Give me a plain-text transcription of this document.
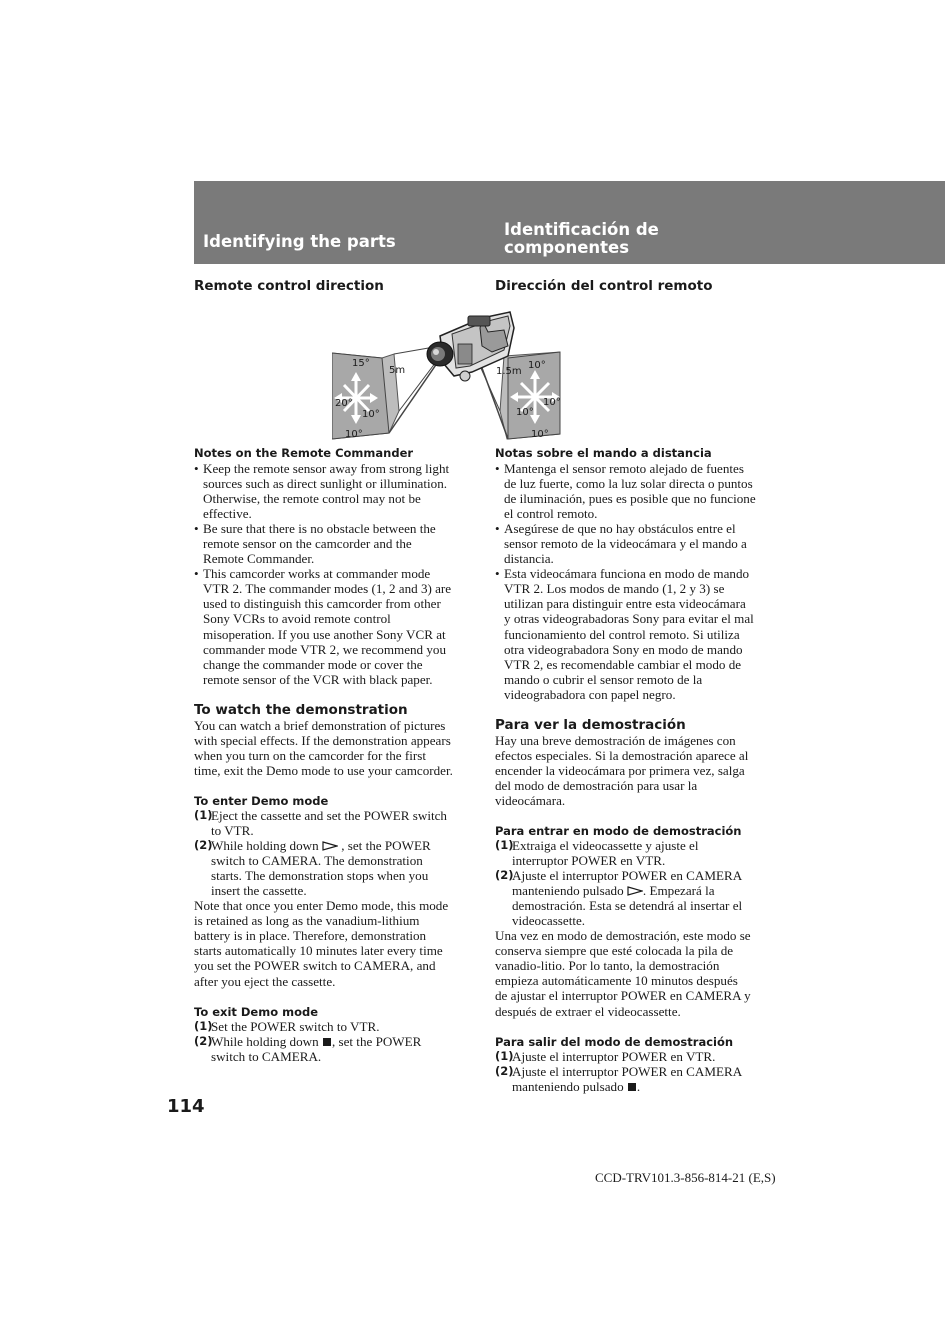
Identifying the parts
Identificación de
componentes
Remote control direction	Dirección del control remoto
15°
5m
20°
10°
10°
10°
1.5m
10°
10°
10°
Notes on the Remote Commander
• Keep the remote sensor away from strong light
sources such as direct sunlight or illumination.
Otherwise, the remote control may not be
effective.
• Be sure that there is no obstacle between the
remote sensor on the camcorder and the
Remote Commander.
• This camcorder works at commander mode
VTR 2. The commander modes (1, 2 and 3) are
used to distinguish this camcorder from other
Sony VCRs to avoid remote control
misoperation. If you use another Sony VCR at
commander mode VTR 2, we recommend you
change the commander mode or cover the
remote sensor of the VCR with black paper.
To watch the demonstration
You can watch a brief demonstration of pictures
with special effects. If the demonstration appears
when you turn on the camcorder for the first
time, exit the Demo mode to use your camcorder.
To enter Demo mode
(1)
Eject the cassette and set the POWER switch
to VTR.
(2)
While holding down , set the POWER
switch to CAMERA. The demonstration
starts. The demonstration stops when you
insert the cassette.
Note that once you enter Demo mode, this mode
is retained as long as the vanadium-lithium
battery is in place. Therefore, demonstration
starts automatically 10 minutes later every time
you set the POWER switch to CAMERA, and
after you eject the cassette.
To exit Demo mode
(1)
Set the POWER switch to VTR.
(2)
While holding down , set the POWER
switch to CAMERA.
Notas sobre el mando a distancia
• Mantenga el sensor remoto alejado de fuentes
de luz fuerte, como la luz solar directa o puntos
de iluminación, pues es posible que no funcione
el control remoto.
• Asegúrese de que no hay obstáculos entre el
sensor remoto de la videocámara y el mando a
distancia.
• Esta videocámara funciona en modo de mando
VTR 2. Los modos de mando (1, 2 y 3) se
utilizan para distinguir entre esta videocámara
y otras videograbadoras Sony para evitar el mal
funcionamiento del control remoto. Si utiliza
otra videograbadora Sony en modo de mando
VTR 2, es recomendable cambiar el modo de
mando o cubrir el sensor remoto de la
videograbadora con papel negro.
Para ver la demostración
Hay una breve demostración de imágenes con
efectos especiales. Si la demostración aparece al
encender la videocámara por primera vez, salga
del modo de demostración para usar la
videocámara.
Para entrar en modo de demostración
(1)
Extraiga el videocassette y ajuste el
interruptor POWER en VTR.
(2)
Ajuste el interruptor POWER en CAMERA
manteniendo pulsado . Empezará la
demostración. Esta se detendrá al insertar el
videocassette.
Una vez en modo de demostración, este modo se
conserva siempre que esté colocada la pila de
vanadio-litio. Por lo tanto, la demostración
empieza automáticamente 10 minutos después
de ajustar el interruptor POWER en CAMERA y
después de extraer el videocassette.
Para salir del modo de demostración
(1)
Ajuste el interruptor POWER en VTR.
(2)
Ajuste el interruptor POWER en CAMERA
manteniendo pulsado .
114
CCD-TRV101.3-856-814-21 (E,S)
